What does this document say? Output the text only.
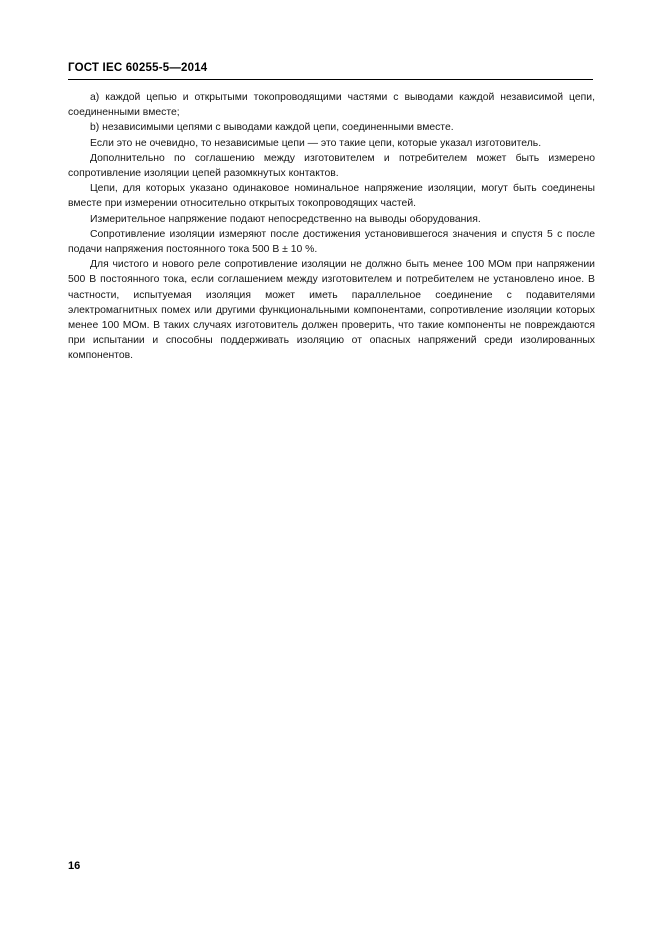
ГОСТ IEC 60255-5—2014

a) каждой цепью и открытыми токопроводящими частями с выводами каждой независимой цепи, соединенными вместе;

b) независимыми цепями с выводами каждой цепи, соединенными вместе.

Если это не очевидно, то независимые цепи — это такие цепи, которые указал изготовитель.

Дополнительно по соглашению между изготовителем и потребителем может быть измерено сопротивление изоляции цепей разомкнутых контактов.

Цепи, для которых указано одинаковое номинальное напряжение изоляции, могут быть соединены вместе при измерении относительно открытых токопроводящих частей.

Измерительное напряжение подают непосредственно на выводы оборудования.

Сопротивление изоляции измеряют после достижения установившегося значения и спустя 5 с после подачи напряжения постоянного тока 500 В ± 10 %.

Для чистого и нового реле сопротивление изоляции не должно быть менее 100 МОм при напряжении 500 В постоянного тока, если соглашением между изготовителем и потребителем не установлено иное. В частности, испытуемая изоляция может иметь параллельное соединение с подавителями электромагнитных помех или другими функциональными компонентами, сопротивление изоляции которых менее 100 МОм. В таких случаях изготовитель должен проверить, что такие компоненты не повреждаются при испытании и способны поддерживать изоляцию от опасных напряжений среди изолированных компонентов.

16
